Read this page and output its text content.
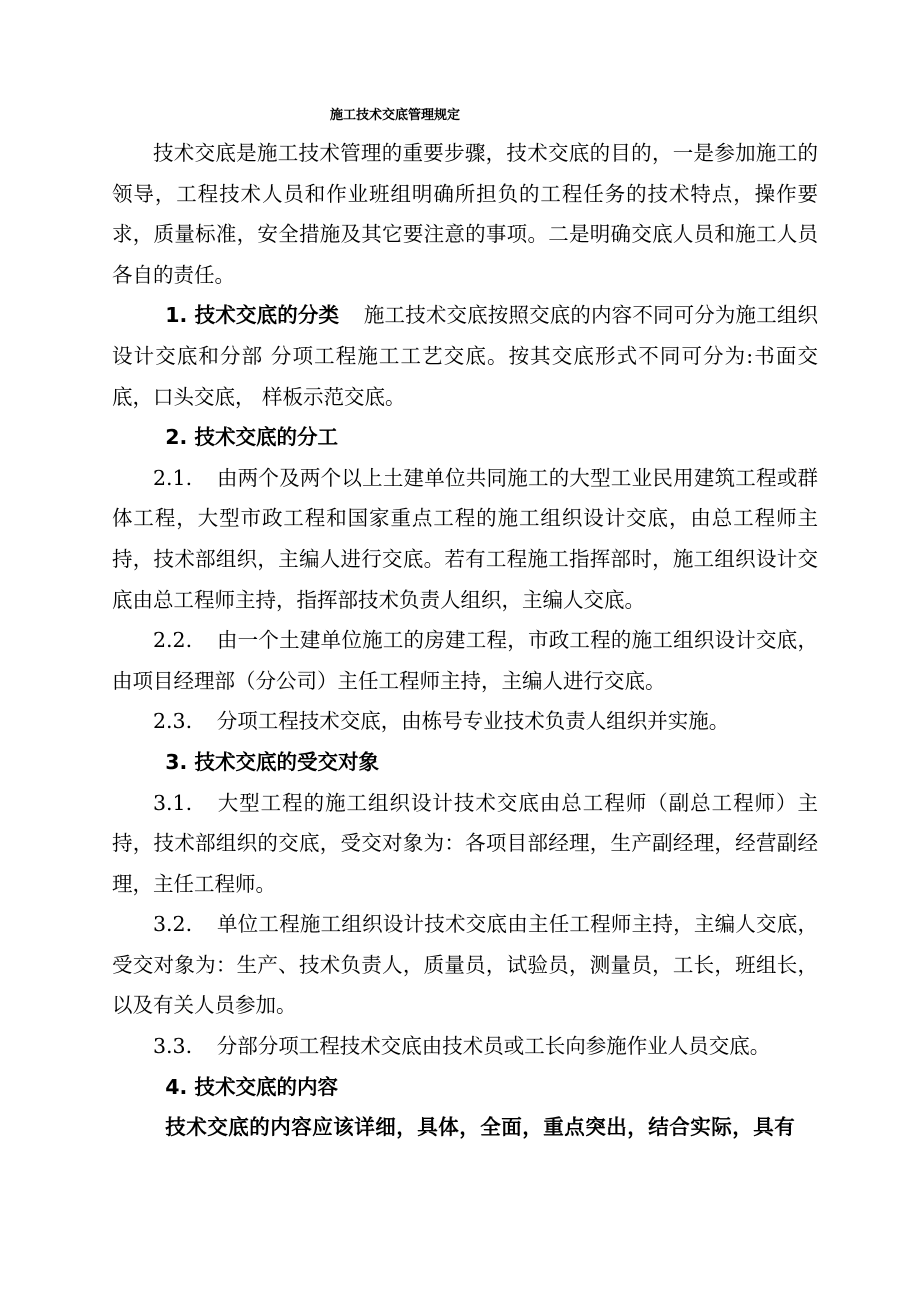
施工技术交底管理规定

技术交底是施工技术管理的重要步骤，技术交底的目的，一是参加施工的领导，工程技术人员和作业班组明确所担负的工程任务的技术特点，操作要求，质量标准，安全措施及其它要注意的事项。二是明确交底人员和施工人员各自的责任。

1. 技术交底的分类 施工技术交底按照交底的内容不同可分为施工组织设计交底和分部 分项工程施工工艺交底。按其交底形式不同可分为:书面交底，口头交底， 样板示范交底。

2. 技术交底的分工

2.1. 由两个及两个以上土建单位共同施工的大型工业民用建筑工程或群体工程，大型市政工程和国家重点工程的施工组织设计交底，由总工程师主持，技术部组织，主编人进行交底。若有工程施工指挥部时，施工组织设计交底由总工程师主持，指挥部技术负责人组织，主编人交底。

2.2. 由一个土建单位施工的房建工程，市政工程的施工组织设计交底，由项目经理部（分公司）主任工程师主持，主编人进行交底。

2.3. 分项工程技术交底，由栋号专业技术负责人组织并实施。

3. 技术交底的受交对象

3.1. 大型工程的施工组织设计技术交底由总工程师（副总工程师）主持，技术部组织的交底，受交对象为：各项目部经理，生产副经理，经营副经理，主任工程师。

3.2. 单位工程施工组织设计技术交底由主任工程师主持，主编人交底，受交对象为：生产、技术负责人，质量员，试验员，测量员，工长，班组长，以及有关人员参加。

3.3. 分部分项工程技术交底由技术员或工长向参施作业人员交底。

4. 技术交底的内容

技术交底的内容应该详细，具体，全面，重点突出，结合实际，具有
